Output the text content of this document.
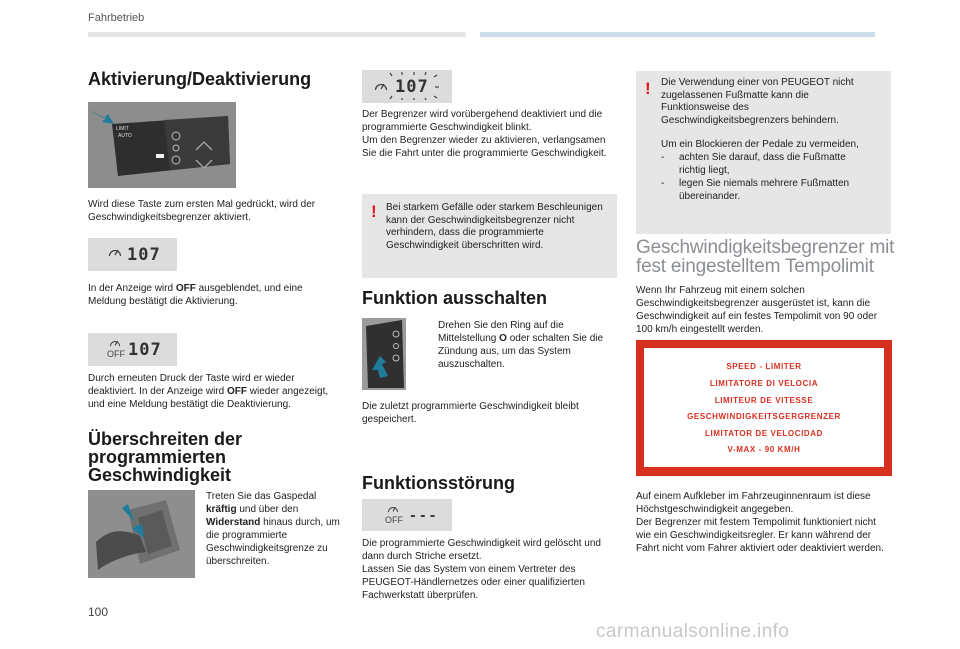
Fahrbetrieb
Aktivierung/Deaktivierung
LIMIT
AUTO
Wird diese Taste zum ersten Mal gedrückt, wird der Geschwindigkeitsbegrenzer aktiviert.
107
In der Anzeige wird OFF ausgeblendet, und eine Meldung bestätigt die Aktivierung.
OFF 107
Durch erneuten Druck der Taste wird er wieder deaktiviert. In der Anzeige wird OFF wieder angezeigt, und eine Meldung bestätigt die Deaktivierung.
Überschreiten der programmierten Geschwindigkeit
Treten Sie das Gaspedal kräftig und über den Widerstand hinaus durch, um die programmierte Geschwindigkeitsgrenze zu überschreiten.
107

Der Begrenzer wird vorübergehend deaktiviert und die programmierte Geschwindigkeit blinkt.

Um den Begrenzer wieder zu aktivieren, verlangsamen Sie die Fahrt unter die programmierte Geschwindigkeit.

! Bei starkem Gefälle oder starkem Beschleunigen kann der Geschwindigkeitsbegrenzer nicht verhindern, dass die programmierte Geschwindigkeit überschritten wird.
Funktion ausschalten
Drehen Sie den Ring auf die Mittelstellung O oder schalten Sie die Zündung aus, um das System auszuschalten.
Die zuletzt programmierte Geschwindigkeit bleibt gespeichert.
Funktionsstörung
OFF ---

Die programmierte Geschwindigkeit wird gelöscht und dann durch Striche ersetzt.

Lassen Sie das System von einem Vertreter des PEUGEOT-Händlernetzes oder einer qualifizierten Fachwerkstatt überprüfen.

! Die Verwendung einer von PEUGEOT nicht zugelassenen Fußmatte kann die Funktionsweise des Geschwindigkeitsbegrenzers behindern.
Um ein Blockieren der Pedale zu vermeiden,
- achten Sie darauf, dass die Fußmatte richtig liegt,
- legen Sie niemals mehrere Fußmatten übereinander.
Geschwindigkeitsbegrenzer mit fest eingestelltem Tempolimit
Wenn Ihr Fahrzeug mit einem solchen Geschwindigkeitsbegrenzer ausgerüstet ist, kann die Geschwindigkeit auf ein festes Tempolimit von 90 oder 100 km/h eingestellt werden.
SPEED - LIMITER
LIMITATORE DI VELOCIA
LIMITEUR DE VITESSE
GESCHWINDIGKEITSGERGRENZER
LIMITATOR DE VELOCIDAD
V-MAX - 90 KM/H

Auf einem Aufkleber im Fahrzeuginnenraum ist diese Höchstgeschwindigkeit angegeben.

Der Begrenzer mit festem Tempolimit funktioniert nicht wie ein Geschwindigkeitsregler. Er kann während der Fahrt nicht vom Fahrer aktiviert oder deaktiviert werden.

100
carmanualsonline.info
